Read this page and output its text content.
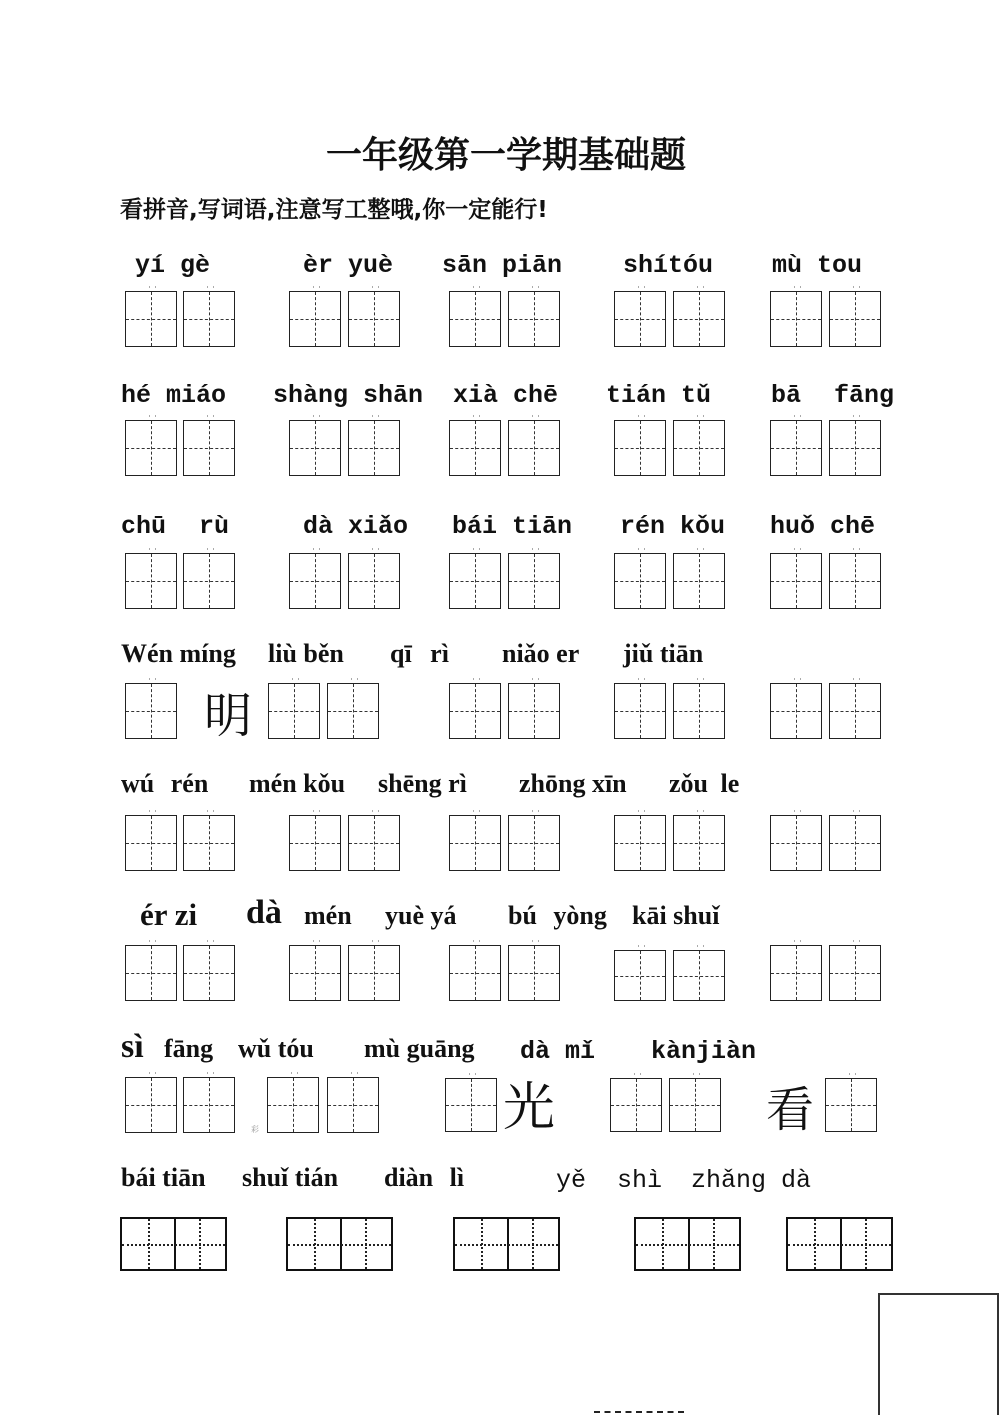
一年级第一学期基础题
看拼音,写词语,注意写工整哦,你一定能行!
yí gè	èr yuè sān piān shítóu mù tou
hé miáo shàng shān xià chē tián tǔ bā fāng
chū rù	dà xiǎo bái tiān rén kǒu huǒ chē
Wén míng liù běn qī rì niǎo er jiǔ tiān
明
wú rén mén kǒu shēng rì zhōng xīn zǒu le
ér zi dà mén yuè yá bú yòng kāi shuǐ
sì fāng wǔ tóu mù guāng dà mǐ kànjiàn
彩	光	看
bái tiān shuǐ tián diàn lì	yě shì zhǎng dà
